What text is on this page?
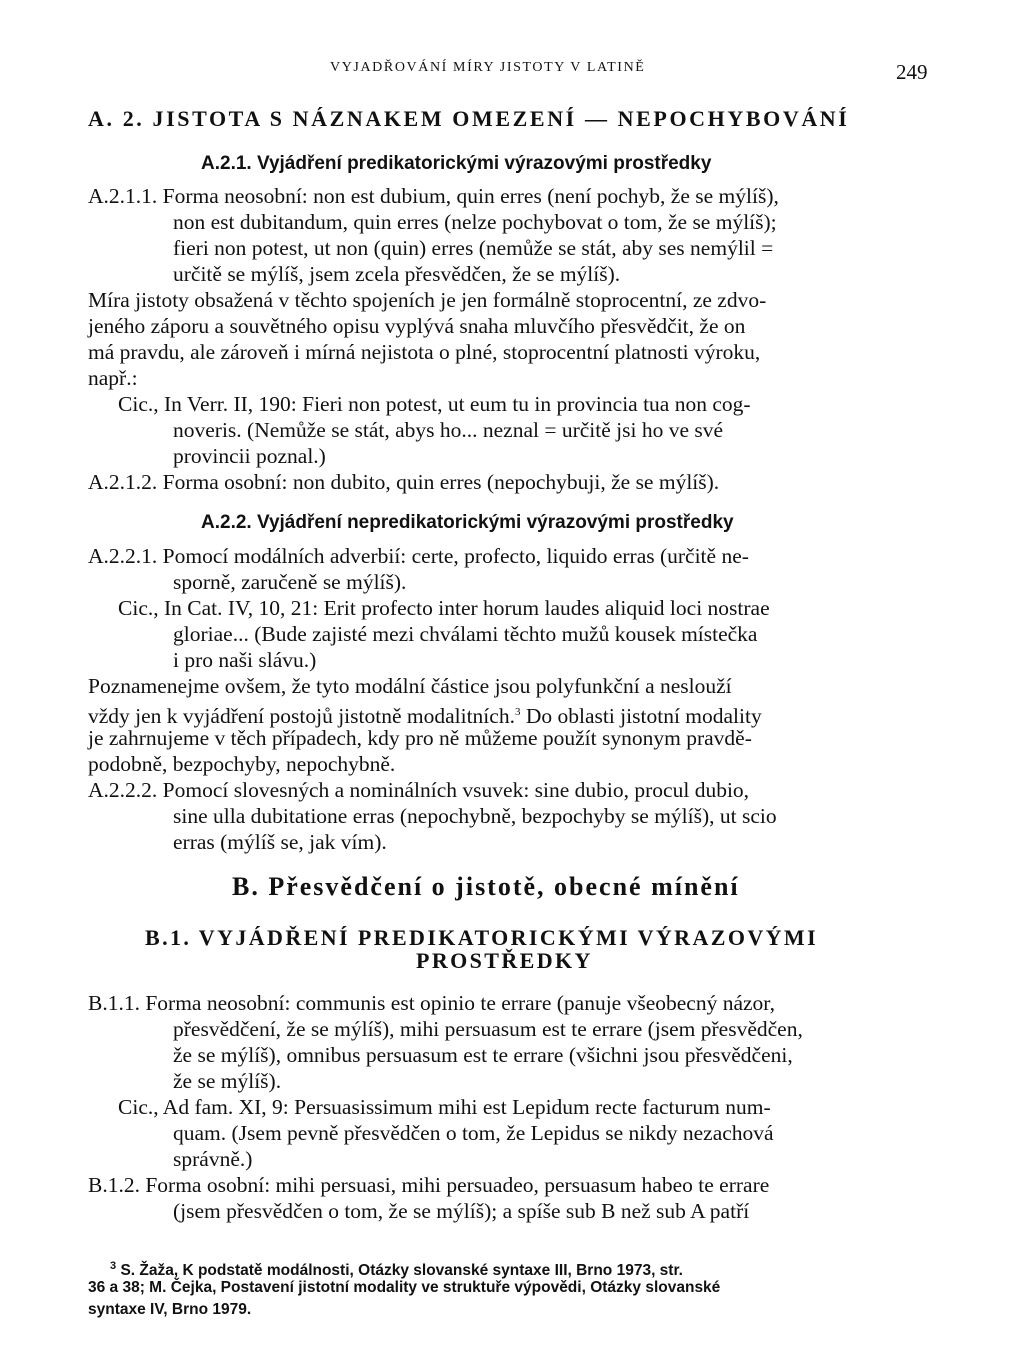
VYJADŘOVÁNÍ MÍRY JISTOTY V LATINĚ	249
A. 2. JISTOTA S NÁZNAKEM OMEZENÍ — NEPOCHYBOVÁNÍ
A.2.1. Vyjádření predikatorickými výrazovými prostředky
A.2.1.1. Forma neosobní: non est dubium, quin erres (není pochyb, že se mýlíš),
non est dubitandum, quin erres (nelze pochybovat o tom, že se mýlíš);
fieri non potest, ut non (quin) erres (nemůže se stát, aby ses nemýlil =
určitě se mýlíš, jsem zcela přesvědčen, že se mýlíš).
Míra jistoty obsažená v těchto spojeních je jen formálně stoprocentní, ze zdvo-
jeného záporu a souvětného opisu vyplývá snaha mluvčího přesvědčit, že on
má pravdu, ale zároveň i mírná nejistota o plné, stoprocentní platnosti výroku,
např.:
Cic., In Verr. II, 190: Fieri non potest, ut eum tu in provincia tua non cog-
noveris. (Nemůže se stát, abys ho... neznal = určitě jsi ho ve své
provincii poznal.)
A.2.1.2. Forma osobní: non dubito, quin erres (nepochybuji, že se mýlíš).
A.2.2. Vyjádření nepredikatorickými výrazovými prostředky
A.2.2.1. Pomocí modálních adverbií: certe, profecto, liquido erras (určitě ne-
sporně, zaručeně se mýlíš).
Cic., In Cat. IV, 10, 21: Erit profecto inter horum laudes aliquid loci nostrae
gloriae... (Bude zajisté mezi chválami těchto mužů kousek místečka
i pro naši slávu.)
Poznamenejme ovšem, že tyto modální částice jsou polyfunkční a neslouží
vždy jen k vyjádření postojů jistotně modalitních.$^3$ Do oblasti jistotní modality
je zahrnujeme v těch případech, kdy pro ně můžeme použít synonym pravdě-
podobně, bezpochyby, nepochybně.
A.2.2.2. Pomocí slovesných a nominálních vsuvek: sine dubio, procul dubio,
sine ulla dubitatione erras (nepochybně, bezpochyby se mýlíš), ut scio
erras (mýlíš se, jak vím).
B. Přesvědčení o jistotě, obecné mínění
B.1. VYJÁDŘENÍ PREDIKATORICKÝMI VÝRAZOVÝMI
PROSTŘEDKY
B.1.1. Forma neosobní: communis est opinio te errare (panuje všeobecný názor,
přesvědčení, že se mýlíš), mihi persuasum est te errare (jsem přesvědčen,
že se mýlíš), omnibus persuasum est te errare (všichni jsou přesvědčeni,
že se mýlíš).
Cic., Ad fam. XI, 9: Persuasissimum mihi est Lepidum recte facturum num-
quam. (Jsem pevně přesvědčen o tom, že Lepidus se nikdy nezachová
správně.)
B.1.2. Forma osobní: mihi persuasi, mihi persuadeo, persuasum habeo te errare
(jsem přesvědčen o tom, že se mýlíš); a spíše sub B než sub A patří
$^3$ S. Žaža, K podstatě modálnosti, Otázky slovanské syntaxe III, Brno 1973, str.
36 a 38; M. Čejka, Postavení jistotní modality ve struktuře výpovědi, Otázky slovanské
syntaxe IV, Brno 1979.
